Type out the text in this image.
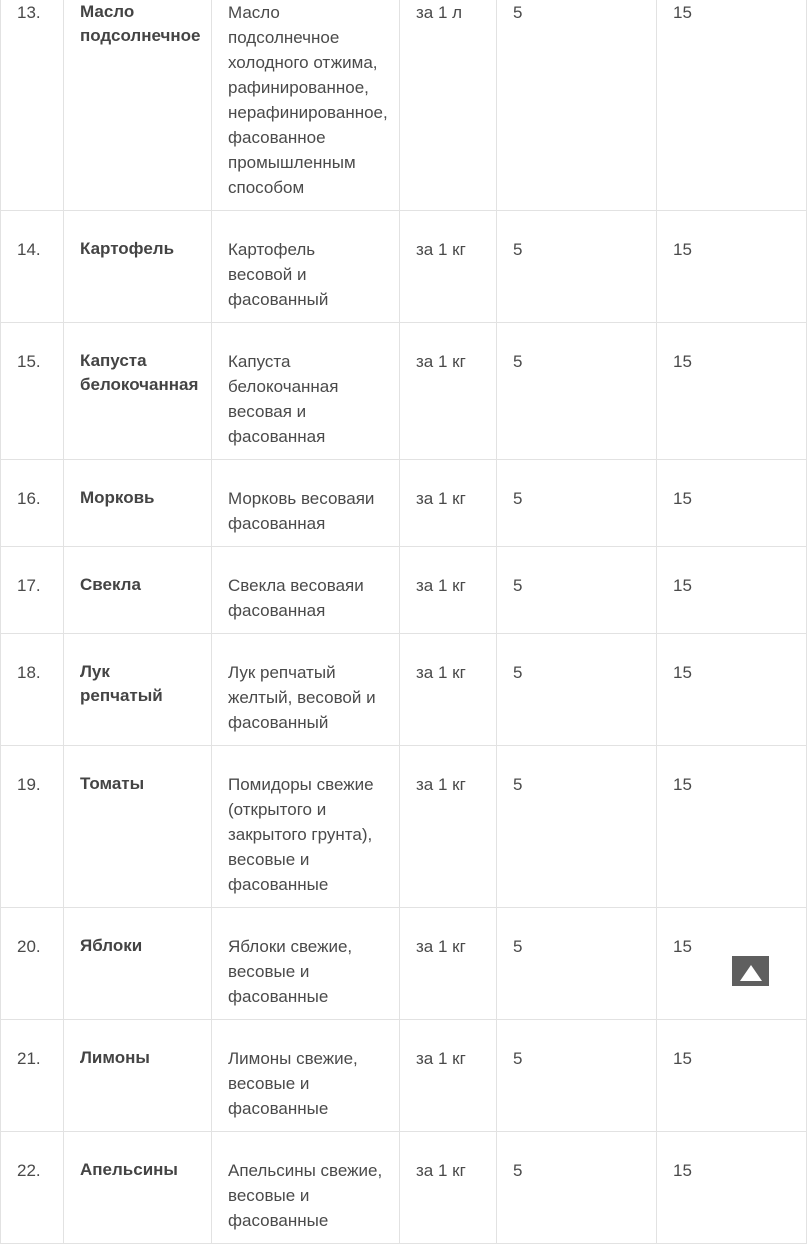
13.	Масло подсолнечное	Масло подсолнечное холодного отжима, рафинированное, нерафинированное, фасованное промышленным способом	за 1 л	5	15
14.	Картофель	Картофель весовой и фасованный	за 1 кг	5	15
15.	Капуста белокочанная	Капуста белокочанная весовая и фасованная	за 1 кг	5	15
16.	Морковь	Морковь весоваяи фасованная	за 1 кг	5	15
17.	Свекла	Свекла весоваяи фасованная	за 1 кг	5	15
18.	Лук репчатый	Лук репчатый желтый, весовой и фасованный	за 1 кг	5	15
19.	Томаты	Помидоры свежие (открытого и закрытого грунта), весовые и фасованные	за 1 кг	5	15
20.	Яблоки	Яблоки свежие, весовые и фасованные	за 1 кг	5	15
21.	Лимоны	Лимоны свежие, весовые и фасованные	за 1 кг	5	15
22.	Апельсины	Апельсины свежие, весовые и фасованные	за 1 кг	5	15
